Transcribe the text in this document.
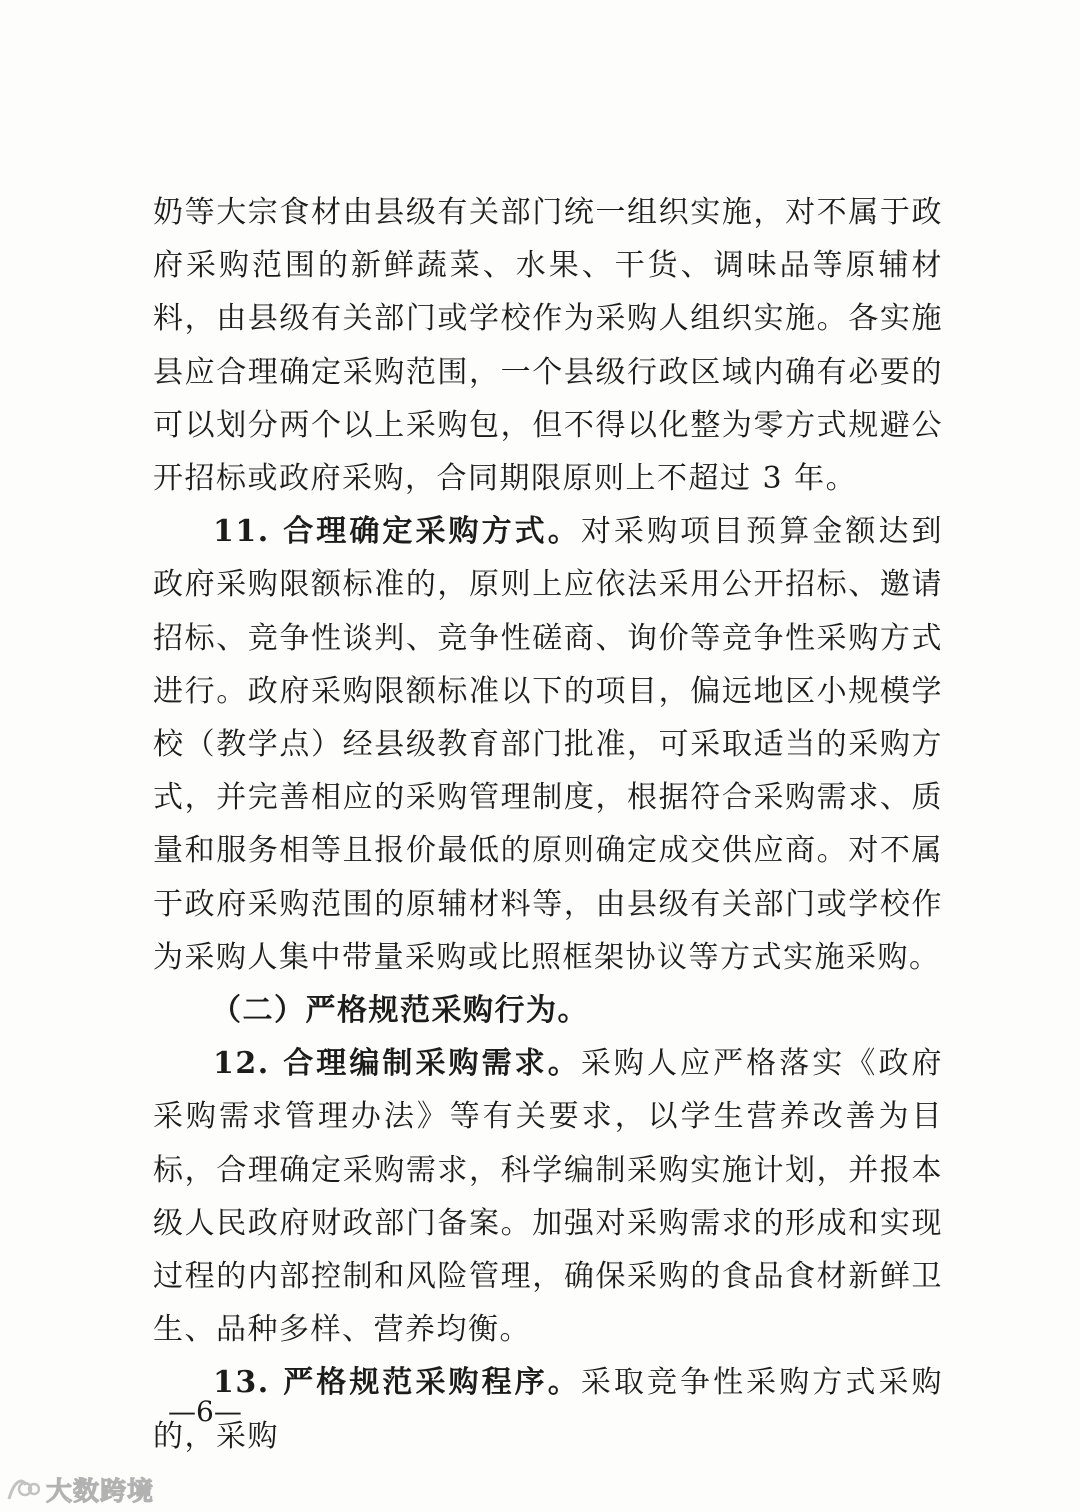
奶等大宗食材由县级有关部门统一组织实施，对不属于政府采购范围的新鲜蔬菜、水果、干货、调味品等原辅材料，由县级有关部门或学校作为采购人组织实施。各实施县应合理确定采购范围，一个县级行政区域内确有必要的可以划分两个以上采购包，但不得以化整为零方式规避公开招标或政府采购，合同期限原则上不超过 3 年。

11. 合理确定采购方式。对采购项目预算金额达到政府采购限额标准的，原则上应依法采用公开招标、邀请招标、竞争性谈判、竞争性磋商、询价等竞争性采购方式进行。政府采购限额标准以下的项目，偏远地区小规模学校（教学点）经县级教育部门批准，可采取适当的采购方式，并完善相应的采购管理制度，根据符合采购需求、质量和服务相等且报价最低的原则确定成交供应商。对不属于政府采购范围的原辅材料等，由县级有关部门或学校作为采购人集中带量采购或比照框架协议等方式实施采购。

（二）严格规范采购行为。

12. 合理编制采购需求。采购人应严格落实《政府采购需求管理办法》等有关要求，以学生营养改善为目标，合理确定采购需求，科学编制采购实施计划，并报本级人民政府财政部门备案。加强对采购需求的形成和实现过程的内部控制和风险管理，确保采购的食品食材新鲜卫生、品种多样、营养均衡。

13. 严格规范采购程序。采取竞争性采购方式采购的，采购

—6—
大数跨境
